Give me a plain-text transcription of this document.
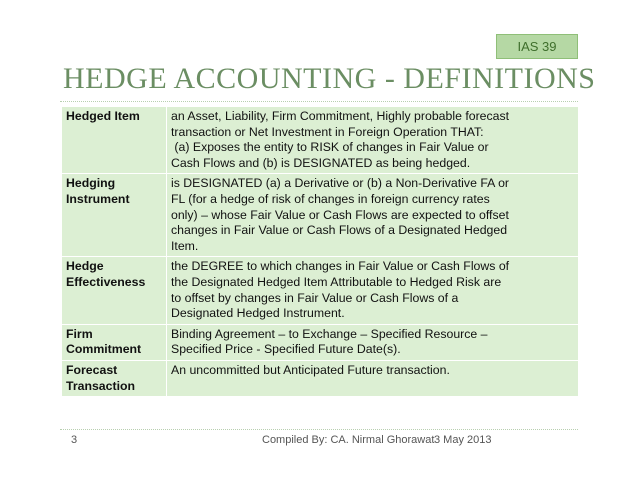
IAS 39
HEDGE ACCOUNTING - DEFINITIONS
Hedged Item	an Asset, Liability, Firm Commitment, Highly probable forecast
transaction or Net Investment in Foreign Operation THAT:
(a) Exposes the entity to RISK of changes in Fair Value or
Cash Flows and (b) is DESIGNATED as being hedged.

Hedging
Instrument	is DESIGNATED (a) a Derivative or (b) a Non-Derivative FA or
FL (for a hedge of risk of changes in foreign currency rates
only) – whose Fair Value or Cash Flows are expected to offset
changes in Fair Value or Cash Flows of a Designated Hedged
Item.

Hedge
Effectiveness	the DEGREE to which changes in Fair Value or Cash Flows of
the Designated Hedged Item Attributable to Hedged Risk are
to offset by changes in Fair Value or Cash Flows of a
Designated Hedged Instrument.

Firm
Commitment	Binding Agreement – to Exchange – Specified Resource –
Specified Price - Specified Future Date(s).

Forecast
Transaction	An uncommitted but Anticipated Future transaction.
3	Compiled By: CA. Nirmal Ghorawat 3 May 2013
